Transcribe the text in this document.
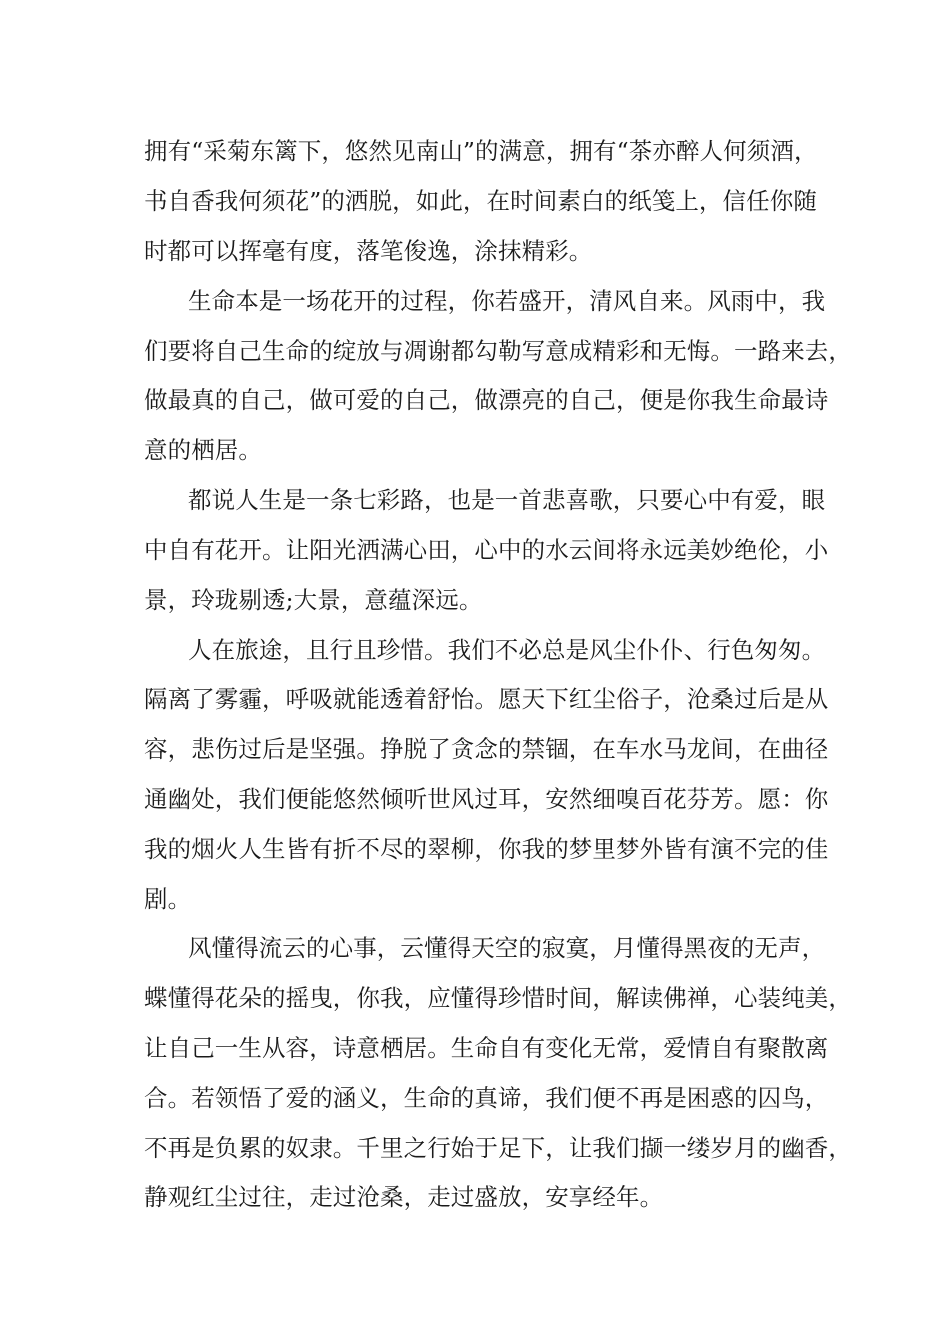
拥有“采菊东篱下，悠然见南山”的满意，拥有“茶亦醉人何须酒，

书自香我何须花”的洒脱，如此，在时间素白的纸笺上，信任你随

时都可以挥毫有度，落笔俊逸，涂抹精彩。

生命本是一场花开的过程，你若盛开，清风自来。风雨中，我

们要将自己生命的绽放与凋谢都勾勒写意成精彩和无悔。一路来去，

做最真的自己，做可爱的自己，做漂亮的自己，便是你我生命最诗

意的栖居。

都说人生是一条七彩路，也是一首悲喜歌，只要心中有爱，眼

中自有花开。让阳光洒满心田，心中的水云间将永远美妙绝伦，小

景，玲珑剔透;大景，意蕴深远。

人在旅途，且行且珍惜。我们不必总是风尘仆仆、行色匆匆。

隔离了雾霾，呼吸就能透着舒怡。愿天下红尘俗子，沧桑过后是从

容，悲伤过后是坚强。挣脱了贪念的禁锢，在车水马龙间，在曲径

通幽处，我们便能悠然倾听世风过耳，安然细嗅百花芬芳。愿：你

我的烟火人生皆有折不尽的翠柳，你我的梦里梦外皆有演不完的佳

剧。

风懂得流云的心事，云懂得天空的寂寞，月懂得黑夜的无声，

蝶懂得花朵的摇曳，你我，应懂得珍惜时间，解读佛禅，心装纯美，

让自己一生从容，诗意栖居。生命自有变化无常，爱情自有聚散离

合。若领悟了爱的涵义，生命的真谛，我们便不再是困惑的囚鸟，

不再是负累的奴隶。千里之行始于足下，让我们撷一缕岁月的幽香，

静观红尘过往，走过沧桑，走过盛放，安享经年。
